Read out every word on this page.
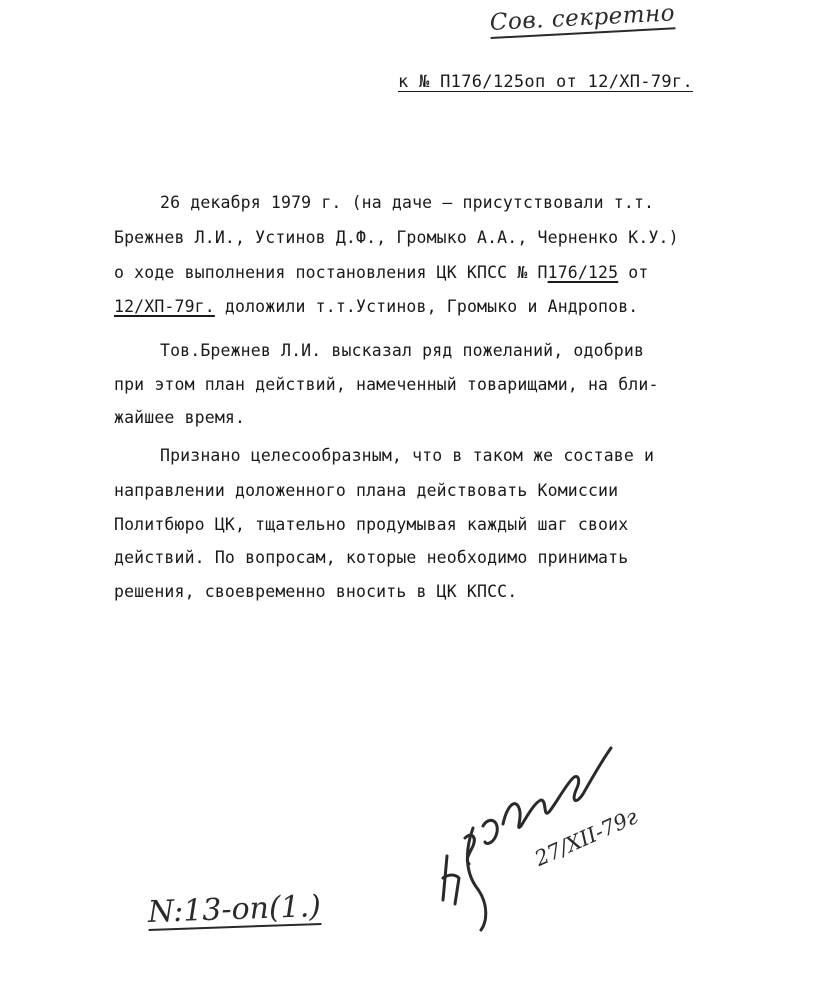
Сов. секретно
к № П176/125оп от 12/XП-79г.
26 декабря 1979 г. (на даче – присутствовали т.т.
Брежнев Л.И., Устинов Д.Ф., Громыко А.А., Черненко К.У.)
о ходе выполнения постановления ЦК КПСС № П176/125 от
12/XП-79г. доложили т.т.Устинов, Громыко и Андропов.
Тов.Брежнев Л.И. высказал ряд пожеланий, одобрив
при этом план действий, намеченный товарищами, на бли-
жайшее время.
Признано целесообразным, что в таком же составе и
направлении доложенного плана действовать Комиссии
Политбюро ЦК, тщательно продумывая каждый шаг своих
действий. По вопросам, которые необходимо принимать
решения, своевременно вносить в ЦК КПСС.
27/XII-79г
N:13-оп(1.)
